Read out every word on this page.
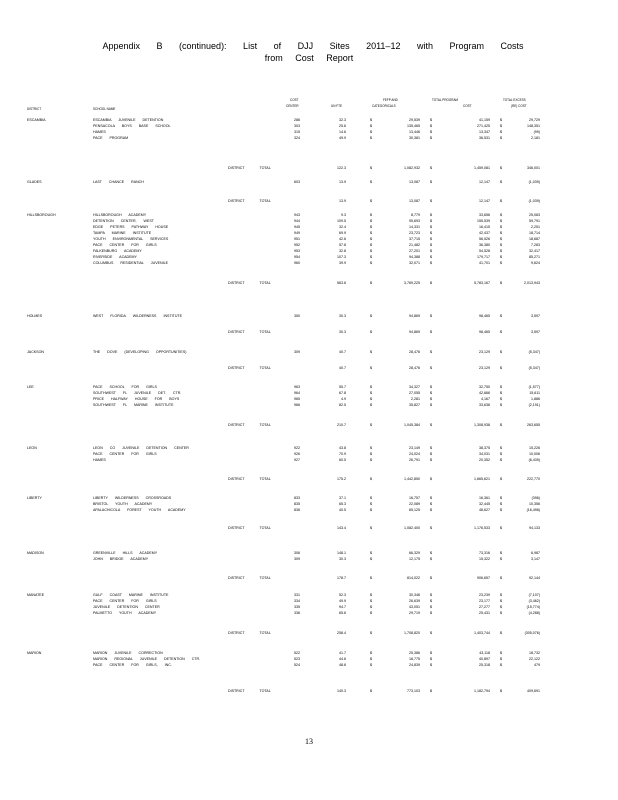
Appendix B (continued): List of DJJ Sites 2011–12 with Program Costs
from Cost Report
COST
CENTER	UN FTE
FEFP AND
CATEGORICALS
TOTAL PROGRAM
COST
TOTAL EXCESS
(RE) COST
DISTRICT	SCHOOL NAME
ESCAMBIA	ESCAMBIA JUVENILE DETENTION	286	32.3	$	29,539	$	41,159	$	29,729
PENSACOLA BOYS BASE SCHOOL	303	25.6	$	135,465	$	271,425	$	148,351
HAMES	315	14.6	$	13,446	$	13,347	$	(99)
PACE PROGRAM	324	49.9	$	30,381	$	36,531	$	2,181
DISTRICT TOTAL	122.3	$	1,082,932	$	1,459,081	$	346,001
GLADES	LAST CHANCE RANCH	603	13.9	$	13,087	$	12,147	$	(1,039)
DISTRICT TOTAL	13.9	$	13,087	$	12,147	$	(1,039)
HILLSBOROUGH	HILLSBOROUGH ACADEMY	943	9.3	$	8,779	$	33,656	$	25,083
DETENTION CENTER, WEST	944	109.5	$	95,693	$	155,539	$	59,791
EDGE PETERS PATHWAY HOUSE	945	32.4	$	14,331	$	16,415	$	2,251
TAMPA MARINE INSTITUTE	949	69.9	$	23,723	$	42,437	$	18,714
YOUTH ENVIRONMENTAL SERVICES	951	42.6	$	37,715	$	56,526	$	18,687
PACE CENTER FOR GIRLS	952	57.8	$	21,482	$	36,380	$	7,283
FALKENBURG ACADEMY	953	32.8	$	27,201	$	54,528	$	32,417
RIVERSIDE ACADEMY	954	107.3	$	94,388	$	179,717	$	85,271
COLUMBUS RESIDENTIAL JUVENILE	960	39.9	$	32,071	$	41,701	$	9,624
DISTRICT TOTAL	563.6	$	3,769,225	$	5,783,167	$	2,013,943
HOLMES	WEST FLORIDA WILDERNESS INSTITUTE	350	30.3	$	94,869	$	98,465	$	3,597
DISTRICT TOTAL	30.3	$	94,869	$	98,465	$	3,597
JACKSON	THE DOVE (DEVELOPING OPPORTUNITIES)	309	40.7	$	28,476	$	23,129	$	(5,347)
DISTRICT TOTAL	40.7	$	28,476	$	23,129	$	(5,347)
LEE	PACE SCHOOL FOR GIRLS	963	55.7	$	34,327	$	32,750	$	(1,577)
SOUTHWEST FL JUVENILE DET. CTR.	964	67.8	$	27,055	$	42,666	$	15,611
PRICE HALFWAY HOUSE FOR BOYS	965	4.9	$	2,281	$	4,167	$	1,886
SOUTHWEST FL MARINE INSTITUTE	966	82.5	$	35,827	$	33,636	$	(2,191)
DISTRICT TOTAL	210.7	$	1,045,384	$	1,308,938	$	263,655
LEON	LEON CO JUVENILE DETENTION CENTER	922	43.8	$	23,149	$	38,375	$	15,226
PACE CENTER FOR GIRLS	926	70.9	$	24,024	$	34,031	$	10,006
HAMES	927	60.5	$	26,791	$	20,352	$	(6,439)
DISTRICT TOTAL	175.2	$	1,442,850	$	1,665,621	$	222,770
LIBERTY	LIBERTY WILDERNESS CROSSROADS	833	37.1	$	16,757	$	16,361	$	(396)
BRISTOL YOUTH ACADEMY	835	65.3	$	22,089	$	32,445	$	10,356
APALACHICOLA FOREST YOUTH ACADEMY	836	40.5	$	65,125	$	48,627	$	(16,498)
DISTRICT TOTAL	143.4	$	1,082,400	$	1,176,533	$	94,133
MADISON	GREENVILLE HILLS ACADEMY	306	148.1	$	66,329	$	73,316	$	6,987
JOHN BRIDGE ACADEMY	309	30.3	$	12,175	$	15,322	$	3,147
DISTRICT TOTAL	178.7	$	814,022	$	906,657	$	92,144
MANATEE	GULF COAST MARINE INSTITUTE	331	52.3	$	30,346	$	23,239	$	(7,107)
PACE CENTER FOR GIRLS	334	49.9	$	26,639	$	23,177	$	(3,462)
JUVENILE DETENTION CENTER	335	94.7	$	43,051	$	27,277	$	(15,774)
PALMETTO YOUTH ACADEMY	336	65.6	$	29,719	$	25,431	$	(4,288)
DISTRICT TOTAL	258.4	$	1,708,820	$	1,403,744	$	(305,076)
MARION	MARION JUVENILE CORRECTION	522	41.7	$	25,386	$	43,118	$	18,732
MARION REGIONAL JUVENILE DETENTION CTR.	523	44.6	$	18,775	$	40,897	$	22,122
PACE CENTER FOR GIRLS, INC.	524	48.6	$	24,839	$	25,318	$	479
DISTRICT TOTAL	140.3	$	773,103	$	1,182,794	$	409,691
13
